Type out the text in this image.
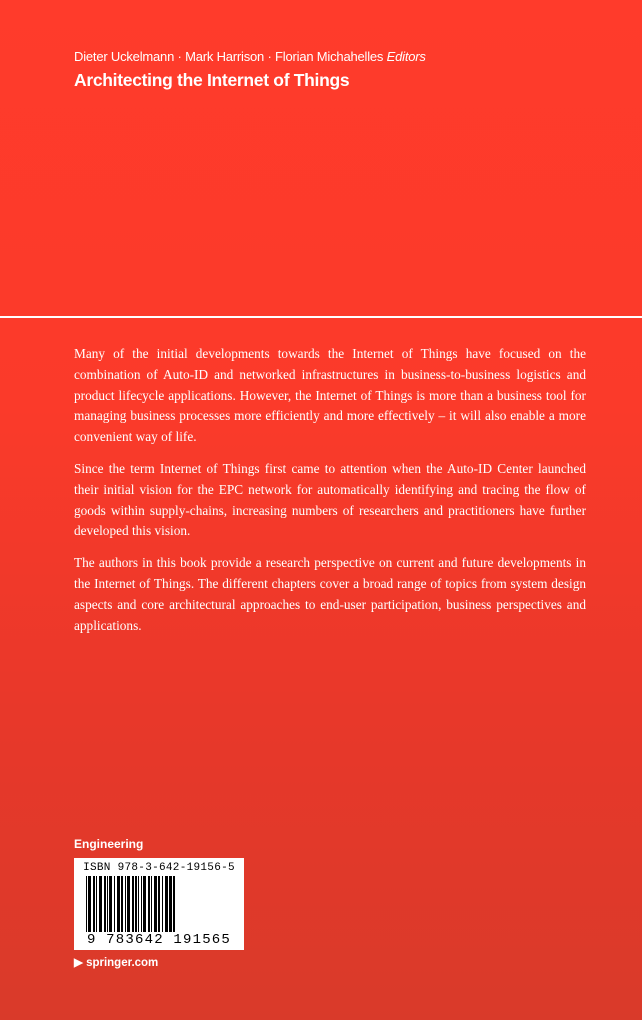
Dieter Uckelmann · Mark Harrison · Florian Michahelles Editors
Architecting the Internet of Things

Many of the initial developments towards the Internet of Things have focused on the combination of Auto-ID and networked infrastructures in business-to-business logistics and product lifecycle applications. However, the Internet of Things is more than a business tool for managing business processes more efficiently and more effectively – it will also enable a more convenient way of life.

Since the term Internet of Things first came to attention when the Auto-ID Center launched their initial vision for the EPC network for automatically identifying and tracing the flow of goods within supply-chains, increasing numbers of researchers and practitioners have further developed this vision.

The authors in this book provide a research perspective on current and future developments in the Internet of Things. The different chapters cover a broad range of topics from system design aspects and core architectural approaches to end-user participation, business perspectives and applications.

Engineering
ISBN 978-3-642-19156-5
9 783642 191565
▶ springer.com
